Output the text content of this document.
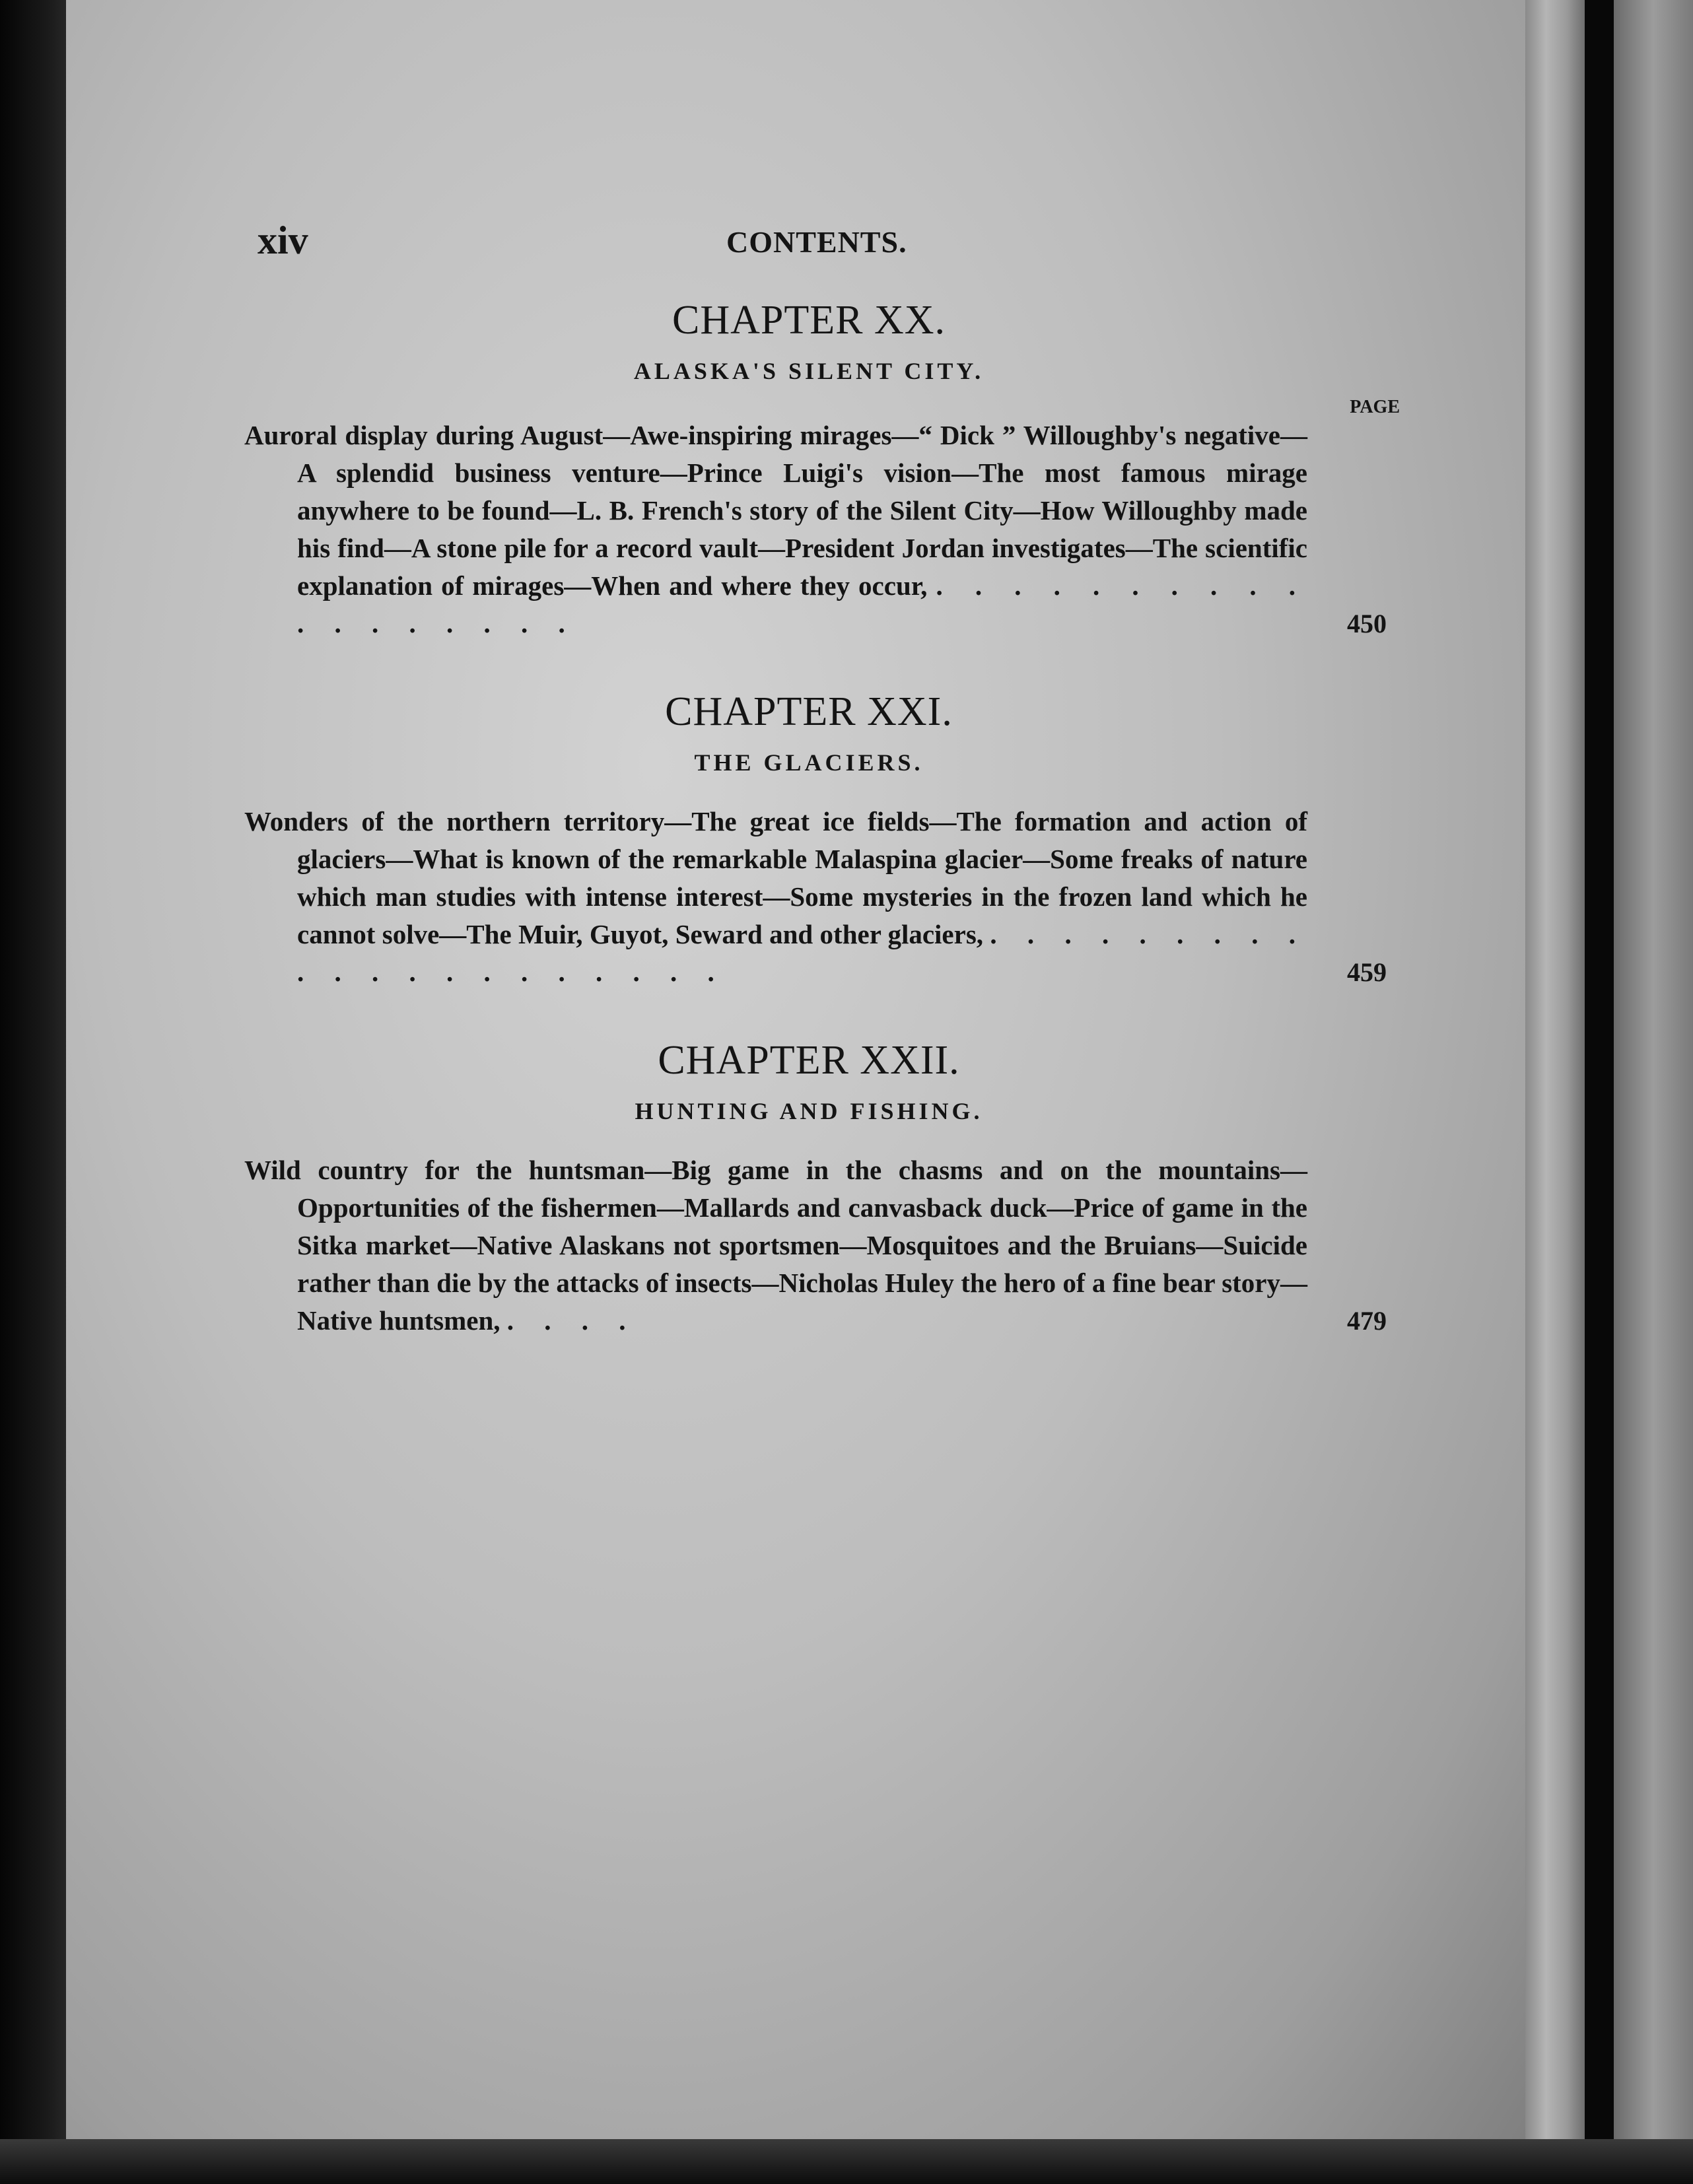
xiv	CONTENTS.
CHAPTER XX.
ALASKA'S SILENT CITY.
PAGE
Auroral display during August—Awe-inspiring mirages—“ Dick ” Willoughby's negative—A splendid business venture—Prince Luigi's vision—The most famous mirage anywhere to be found—L. B. French's story of the Silent City—How Willoughby made his find—A stone pile for a record vault—President Jordan investigates—The scientific explanation of mirages—When and where they occur, . . . . . . . . . . . . . . . . . .	450
CHAPTER XXI.
THE GLACIERS.
Wonders of the northern territory—The great ice fields—The formation and action of glaciers—What is known of the remarkable Malaspina glacier—Some freaks of nature which man studies with intense interest—Some mysteries in the frozen land which he cannot solve—The Muir, Guyot, Seward and other glaciers, . . . . . . . . . . . . . . . . . . . . .	459
CHAPTER XXII.
HUNTING AND FISHING.
Wild country for the huntsman—Big game in the chasms and on the mountains—Opportunities of the fishermen—Mallards and canvasback duck—Price of game in the Sitka market—Native Alaskans not sportsmen—Mosquitoes and the Bruians—Suicide rather than die by the attacks of insects—Nicholas Huley the hero of a fine bear story—Native huntsmen, . . . .	479
